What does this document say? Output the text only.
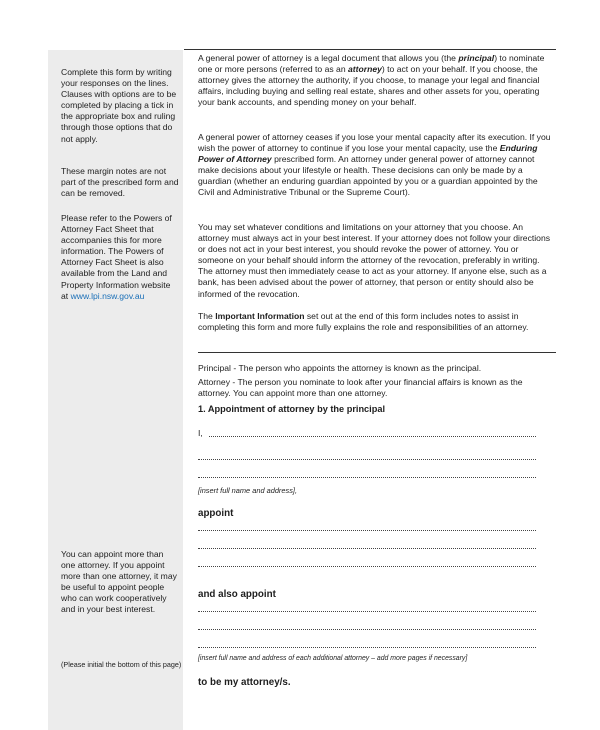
Complete this form by writing your responses on the lines. Clauses with options are to be completed by placing a tick in the appropriate box and ruling through those options that do not apply.
These margin notes are not part of the prescribed form and can be removed.
Please refer to the Powers of Attorney Fact Sheet that accompanies this for more information. The Powers of Attorney Fact Sheet is also available from the Land and Property Information website at www.lpi.nsw.gov.au
You can appoint more than one attorney. If you appoint more than one attorney, it may be useful to appoint people who can work cooperatively and in your best interest.
(Please initial the bottom of this page)
A general power of attorney is a legal document that allows you (the principal) to nominate one or more persons (referred to as an attorney) to act on your behalf. If you choose, the attorney gives the attorney the authority, if you choose, to manage your legal and financial affairs, including buying and selling real estate, shares and other assets for you, operating your bank accounts, and spending money on your behalf.
A general power of attorney ceases if you lose your mental capacity after its execution. If you wish the power of attorney to continue if you lose your mental capacity, use the Enduring Power of Attorney prescribed form. An attorney under general power of attorney cannot make decisions about your lifestyle or health. These decisions can only be made by a guardian (whether an enduring guardian appointed by you or a guardian appointed by the Civil and Administrative Tribunal or the Supreme Court).
You may set whatever conditions and limitations on your attorney that you choose. An attorney must always act in your best interest. If your attorney does not follow your directions or does not act in your best interest, you should revoke the power of attorney. You or someone on your behalf should inform the attorney of the revocation, preferably in writing. The attorney must then immediately cease to act as your attorney. If anyone else, such as a bank, has been advised about the power of attorney, that person or entity should also be informed of the revocation.
The Important Information set out at the end of this form includes notes to assist in completing this form and more fully explains the role and responsibilities of an attorney.
Principal - The person who appoints the attorney is known as the principal.
Attorney - The person you nominate to look after your financial affairs is known as the attorney. You can appoint more than one attorney.
1. Appointment of attorney by the principal
I,
[insert full name and address],
appoint
and also appoint
[insert full name and address of each additional attorney – add more pages if necessary]
to be my attorney/s.
